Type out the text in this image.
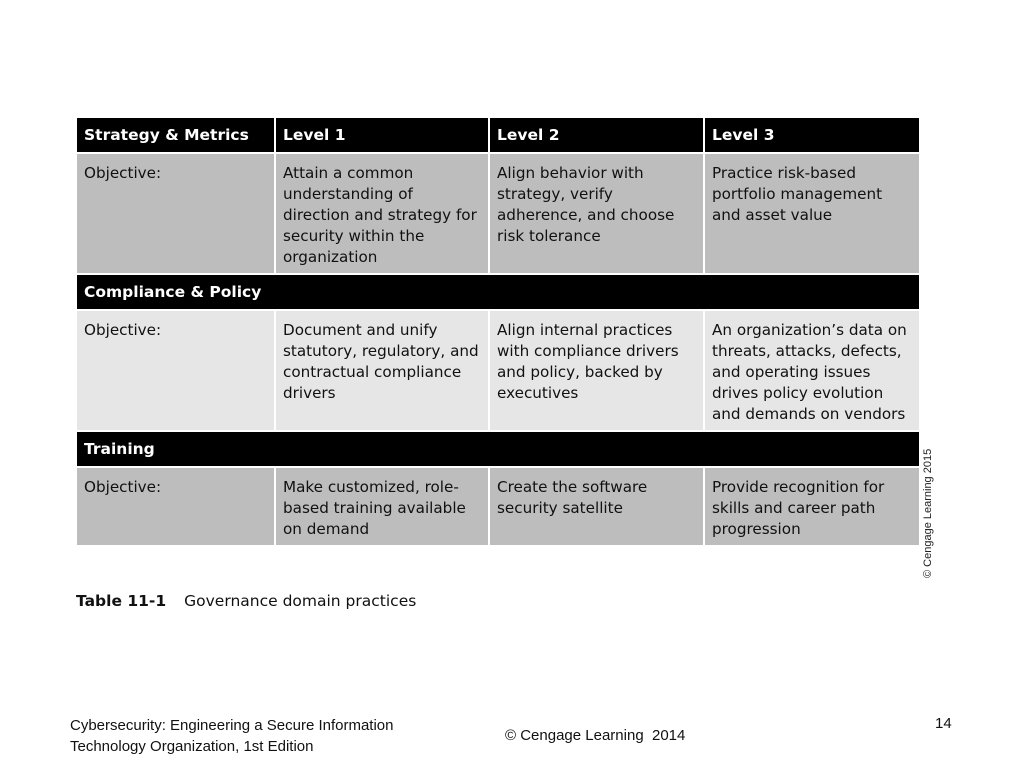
Strategy & Metrics	Level 1	Level 2	Level 3
Objective:	Attain a common understanding of direction and strategy for security within the organization	Align behavior with strategy, verify adherence, and choose risk tolerance	Practice risk-based portfolio management and asset value
Compliance & Policy			
Objective:	Document and unify statutory, regulatory, and contractual compliance drivers	Align internal practices with compliance drivers and policy, backed by executives	An organization’s data on threats, attacks, defects, and operating issues drives policy evolution and demands on vendors
Training			
Objective:	Make customized, role-based training available on demand	Create the software security satellite	Provide recognition for skills and career path progression	© Cengage Learning 2015
Table 11-1 Governance domain practices
Cybersecurity: Engineering a Secure Information
Technology Organization, 1st Edition
© Cengage Learning  2014
14
